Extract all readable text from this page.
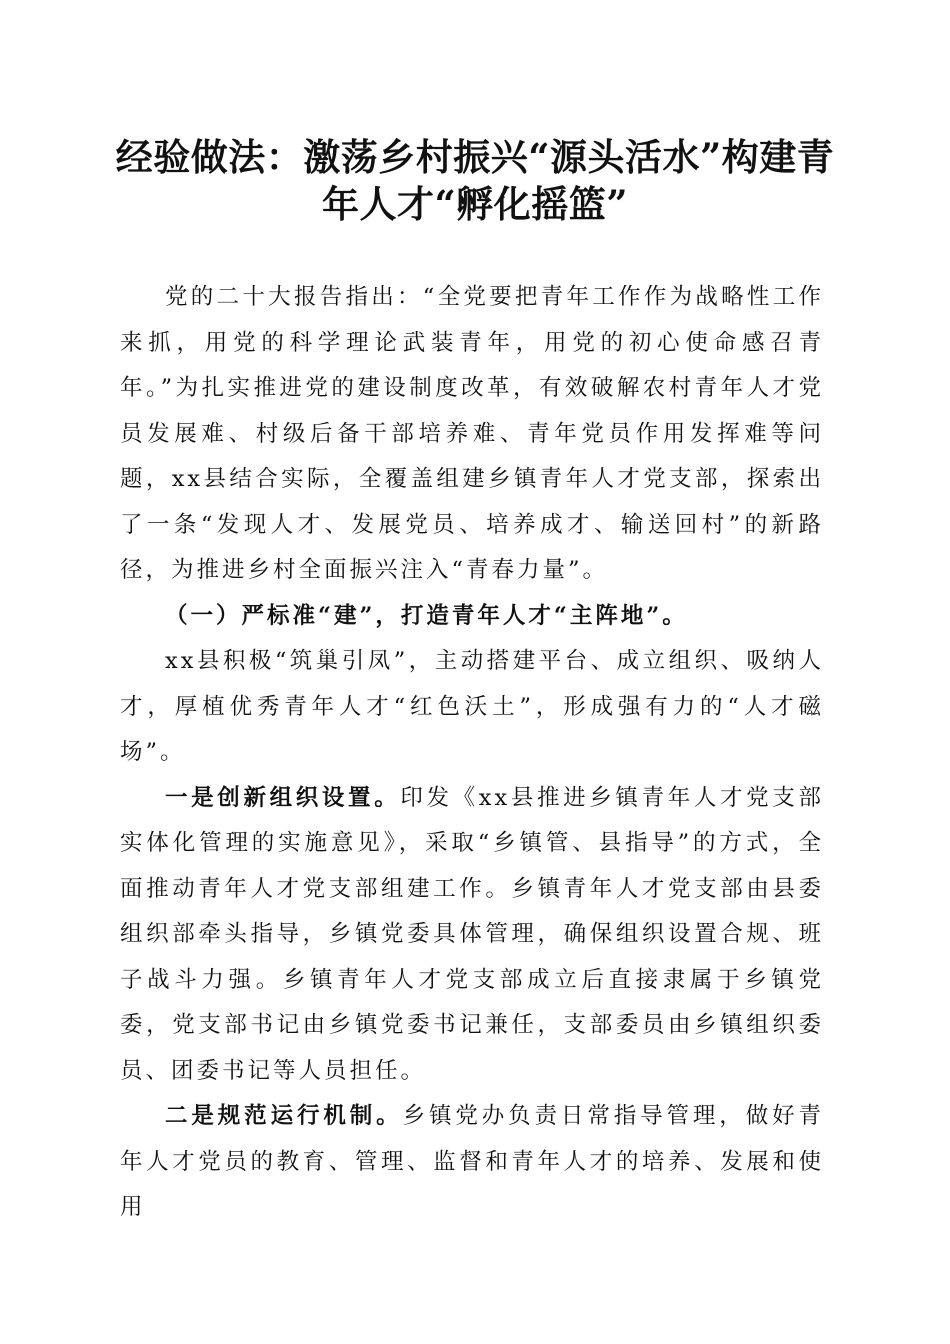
经验做法：激荡乡村振兴“源头活水”构建青年人才“孵化摇篮”

党的二十大报告指出：“全党要把青年工作作为战略性工作来抓，用党的科学理论武装青年，用党的初心使命感召青年。”为扎实推进党的建设制度改革，有效破解农村青年人才党员发展难、村级后备干部培养难、青年党员作用发挥难等问题，xx县结合实际，全覆盖组建乡镇青年人才党支部，探索出了一条“发现人才、发展党员、培养成才、输送回村”的新路径，为推进乡村全面振兴注入“青春力量”。

（一）严标准“建”，打造青年人才“主阵地”。

xx县积极“筑巢引凤”，主动搭建平台、成立组织、吸纳人才，厚植优秀青年人才“红色沃土”，形成强有力的“人才磁场”。

一是创新组织设置。印发《xx县推进乡镇青年人才党支部实体化管理的实施意见》，采取“乡镇管、县指导”的方式，全面推动青年人才党支部组建工作。乡镇青年人才党支部由县委组织部牵头指导，乡镇党委具体管理，确保组织设置合规、班子战斗力强。乡镇青年人才党支部成立后直接隶属于乡镇党委，党支部书记由乡镇党委书记兼任，支部委员由乡镇组织委员、团委书记等人员担任。

二是规范运行机制。乡镇党办负责日常指导管理，做好青年人才党员的教育、管理、监督和青年人才的培养、发展和使用
